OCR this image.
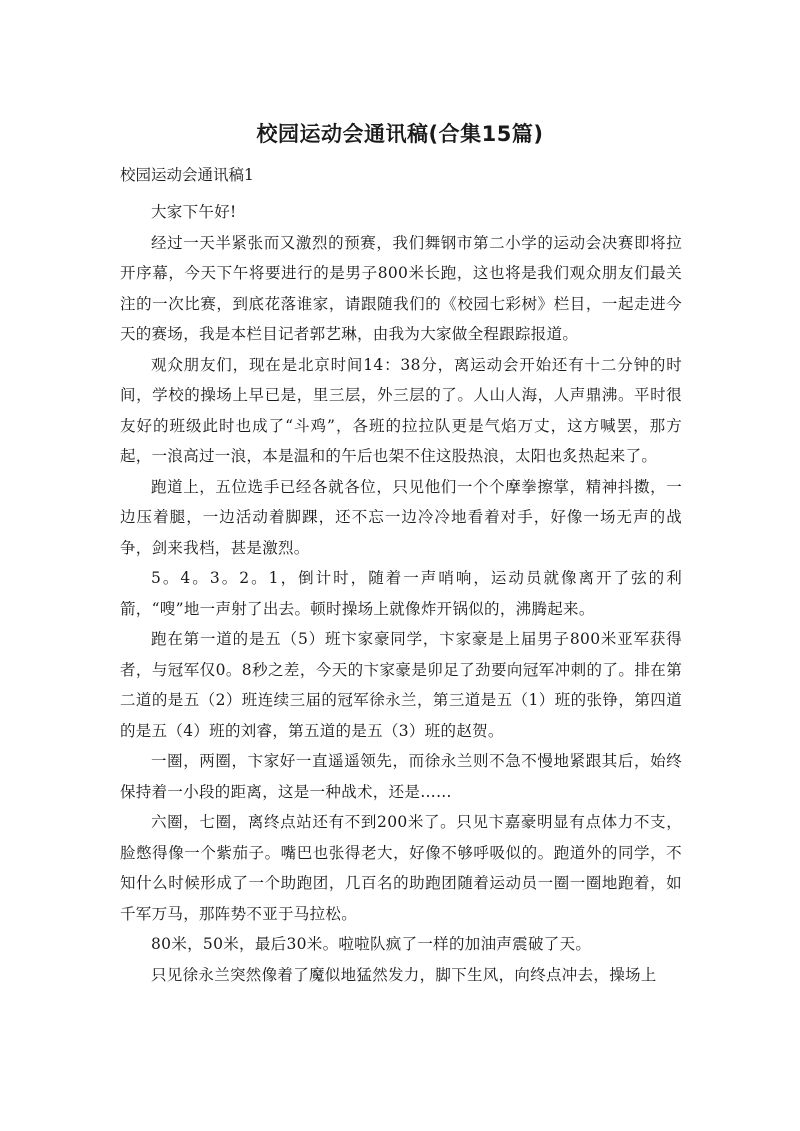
校园运动会通讯稿(合集15篇)
校园运动会通讯稿1

大家下午好!

经过一天半紧张而又激烈的预赛，我们舞钢市第二小学的运动会决赛即将拉开序幕，今天下午将要进行的是男子800米长跑，这也将是我们观众朋友们最关注的一次比赛，到底花落谁家，请跟随我们的《校园七彩树》栏目，一起走进今天的赛场，我是本栏目记者郭艺琳，由我为大家做全程跟踪报道。

观众朋友们，现在是北京时间14：38分，离运动会开始还有十二分钟的时间，学校的操场上早已是，里三层，外三层的了。人山人海，人声鼎沸。平时很友好的班级此时也成了“斗鸡”，各班的拉拉队更是气焰万丈，这方喊罢，那方起，一浪高过一浪，本是温和的午后也架不住这股热浪，太阳也炙热起来了。

跑道上，五位选手已经各就各位，只见他们一个个摩拳擦掌，精神抖擞，一边压着腿，一边活动着脚踝，还不忘一边冷冷地看着对手，好像一场无声的战争，剑来我档，甚是激烈。

5。4。3。2。1，倒计时，随着一声哨响，运动员就像离开了弦的利箭，“嗖”地一声射了出去。顿时操场上就像炸开锅似的，沸腾起来。

跑在第一道的是五（5）班卞家豪同学，卞家豪是上届男子800米亚军获得者，与冠军仅0。8秒之差，今天的卞家豪是卯足了劲要向冠军冲刺的了。排在第二道的是五（2）班连续三届的冠军徐永兰，第三道是五（1）班的张铮，第四道的是五（4）班的刘睿，第五道的是五（3）班的赵贺。

一圈，两圈，卞家好一直遥遥领先，而徐永兰则不急不慢地紧跟其后，始终保持着一小段的距离，这是一种战术，还是……

六圈，七圈，离终点站还有不到200米了。只见卞嘉豪明显有点体力不支，脸憋得像一个紫茄子。嘴巴也张得老大，好像不够呼吸似的。跑道外的同学，不知什么时候形成了一个助跑团，几百名的助跑团随着运动员一圈一圈地跑着，如千军万马，那阵势不亚于马拉松。

80米，50米，最后30米。啦啦队疯了一样的加油声震破了天。

只见徐永兰突然像着了魔似地猛然发力，脚下生风，向终点冲去，操场上
